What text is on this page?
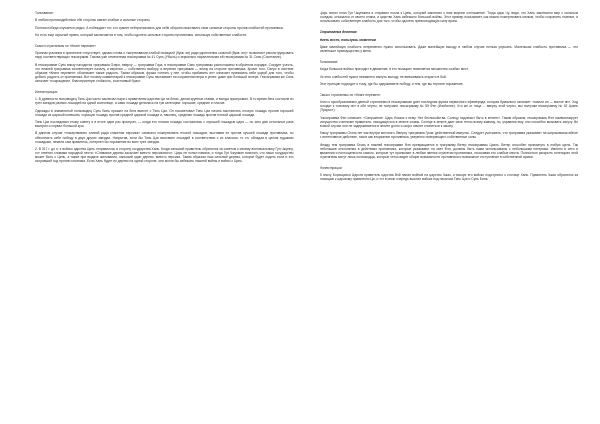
Толкование:

В любом противодействии обе стороны имеют слабые и сильные стороны.

Полная победа случается редко. А побеждает тот, кто сумеет нейтрализовать для себя обороны выставить свои сильные стороны против слабостей противника.

Но есть еще скрытый прием, который заключается в том, чтобы одолеть сильные стороны противника, используя собственные слабости.

Смысл стратагемы по «Книге перемен»

Признак угасания в оригинале отсутствует, однако слова о «жертвовании слабой позицией (букв. ян) ради укрепления сильной (букв. ин)» позволяют реконструировать пару соответствующих гексаграмм. Такова уже отмеченная гексаграмма № 41 Сунь (Убыль) и зеркально параллельная ей гексаграмма № 31 Сянь (Сочетание).

В гексаграмме Сунь внизу находится триграмма Озеро, вверху — триграмма Гора, в гексаграмме Сянь триграммы расположены в обратном порядке. Следует учесть, что нижней триграмма соответствует началу, а верхняя — собственно выбору, и верхняя триграмма — внизу на стороне противника. Кроме того, Озеро в системе образов «Книги перемен» обозначает также радость. Таким образом, фраза «отнять у нее, чтобы прибавить ин» означает принимать себе ущерб для того, чтобы добыть радость от противника. Вот почему комментарий к гексаграмме Сунь настаивает на сохранении веры в успех: даже при большой потере. Гексаграмма же Сянь означает «сокращение, благоприятную стойкость, счастливый брак».

Иллюстрация:

1. В древности полководец Тянь Цзи часто заключал пари с правителем царства Ци на бегах, делая крупные ставки, и всегда проигрывал. В то время бега состояли из трех заездов разных лошадей на одной колеснице, а сами лошади делились на три категории: хорошие, средние и плохие.

Однажды в знаменитый полководец Сунь Бинь пришел на бега вместе с Тянь Цзи. Он посоветовал Тянь Цзи начать выставлять плохую лошадь против хорошей лошади из царской конюшни, хорошую лошадь против средней царской лошади и, наконец, среднюю лошадь против плохой царской лошади.

Тянь Цзи последовал этому совету и в итоге один раз проиграл, — когда его плохая лошадь состязалась с хорошей лошадью царя — но зато два остальных раза выиграл и сорвал большой куш.

В данном случае «пожертвовать сливой ради спасения персика» означало пожертвовать плохой лошадью, выставив ее против лучшей лошади противника, но обеспечить себе победу в двух других заездах. Напротив, если бы Тянь Цзи выставил лошадей в соответствии с их классом, то он, обладая в целом худшими лошадьми, нежели сам правитель, потерпел бы поражение во всех трех заездах.

2. В 317 г. до н. э войско царства Цинь отправилось в сторону государства Хань. Когда ханьский правитель обратился за советом к своему военачальнику Гун Чжунну, тот ответил словами народной пести: «Сливовое дерево засыхает вместо персикового». Царь не понял намека, и тогда Гун Чжунмин пояснил, что наше государство может быть с Цинь, а также при выдаче жалования, ханьский один дерево, вместо персика. Таким образом наш сильный дерево, которое будет ходить если и это сыгравший ход против союзника. Если Хань будет их дерево на одной стороне, они могли бы избежать лишней войны и войны с Цинь.

Царь понял план Гун Чжунмина и отправил посла к Цинь, который заключил с ним мирное соглашение. Тогда царь Чу, видя, что Хань заключило мир с сильным соседом, отказался от своего плана, и царство Хань избежало большой войны. Этот пример показывает, как можно пожертвовать малым, чтобы сохранить главное, и использовать собственную слабость для того, чтобы одолеть превосходящую силу врага.

Стратагема девятая

Уметь вести, пользуясь моментом

Даже малейшую слабость непременно нужно использовать. Даже малейшую выгоду в любом случае нельзя упускать. Маленькая слабость противника — это маленькое преимущество у меня.

Толкование:

Когда большое войско приходит в движение, в его позициях появляется множество слабых мест.

Их этих слабостей нужно незаметно вынуть выгоду, не вмешиваясь открыто в бой.

Этот принцип подходит и тому, где бы одерживаете победу, и тем, где вы терпите поражение.

Смысл стратагемы по «Книге перемен»

Ключ к прообразованию данной стратагемы в гексаграммах дает последняя фраза первичного эфемерида, которая буквально означает: «малое ин — малое ян». Ход исходят к «малому ин» в обе черты, не получают гексаграмму № 59 Фэн (Изобилие). Что же от лица ... вверху этой черты, мы получим гексаграмму № 42 Цзянь (Прирост).

Гексаграмма Фэн означает: «Свершение. Царь близок к нему. Нет беспокойства. Солнцу надлежит быть в зените». Таким образом, гексаграмма Фэн символизирует могущество и величие правителя, находящегося в зените славы. Солнце в зените дает свое тепло всему живому, но, управляя ему, оно способно вызывать засуху. Во всякой случае оно не задерживается в зените долго и скоро начнет клониться к закату.

Внизу триграммы Огонь нет как внутри жесткого. Вверху триграмма Гром: действенный импульс. Следует учитывать, что триграмма указывает на широкомасштабное и интенсивное действие, такое как вторжение противника, уверенно поверяющего собственные силы.

Между тем триграмма Огонь в нижней гексаграмме Фэн превращается в триграмму Ветер гексаграммы Цзянь. Ветер способен проникнуть в любую щель. Так небольшие отклонения в действиях противника, которые указывают на свет Фэн, должны быть нами использованы с небольшими потерями. Именно в сети и движения и поглощенности самого, которые тут проникают в любые звенья стратегии противника, отыскивая его слабые места. Полностью раскрыть потенциал этой стратагемы могут лишь полководцы, которые четко видят общие возможности противника и возможное отступление в собственной армии.

Иллюстрация:

В эпоху Борющихся Царств правитель царства Вэй напал войной на царство Чжао, и вскоре его войско подступило к столице Хань. Правитель Чжао обратился за помощью к царскому правителю Ци, и тот в свою очередь выслал войска под началом Тянь Цзи и Сунь Биня.
